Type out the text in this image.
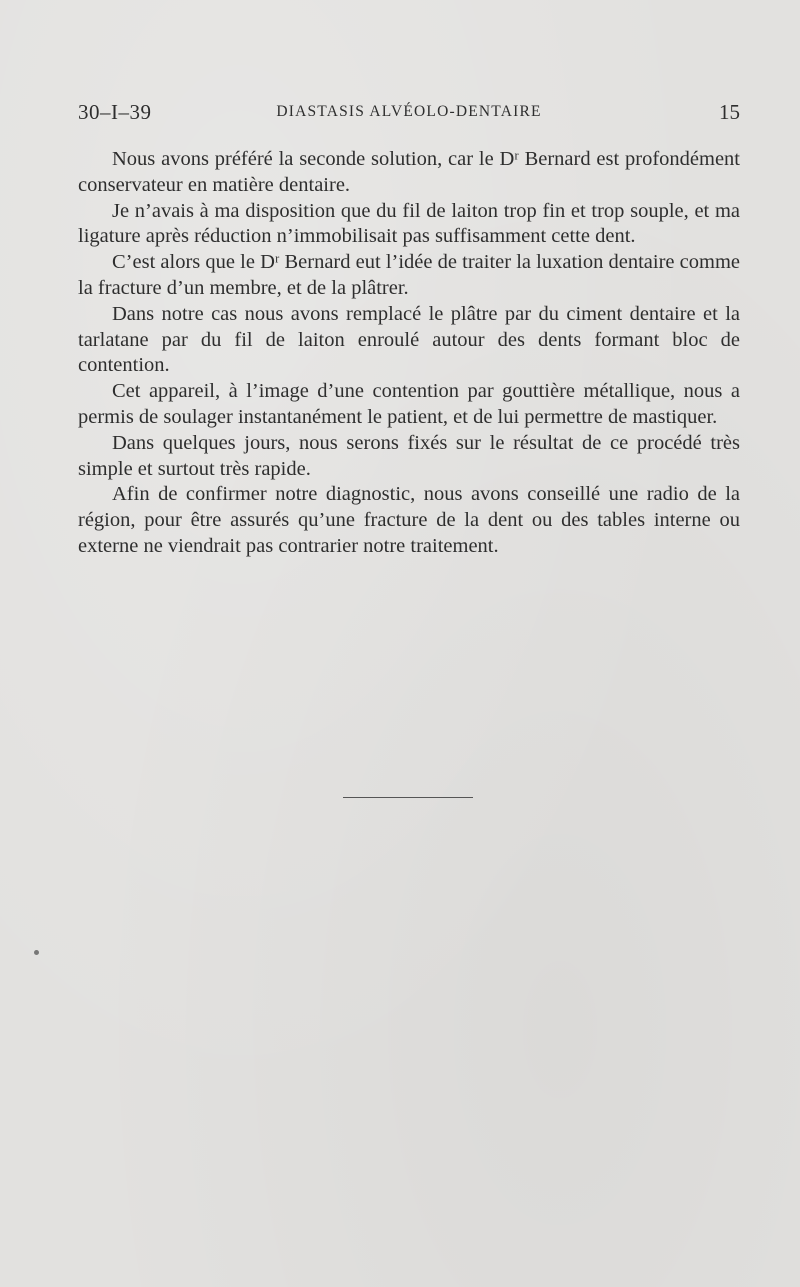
30–I–39	DIASTASIS ALVÉOLO-DENTAIRE	15

Nous avons préféré la seconde solution, car le Dʳ Bernard est profondément conservateur en matière dentaire.

Je n’avais à ma disposition que du fil de laiton trop fin et trop souple, et ma ligature après réduction n’immobilisait pas suffisamment cette dent.

C’est alors que le Dʳ Bernard eut l’idée de traiter la luxation dentaire comme la fracture d’un membre, et de la plâtrer.

Dans notre cas nous avons remplacé le plâtre par du ciment dentaire et la tarlatane par du fil de laiton enroulé autour des dents formant bloc de contention.

Cet appareil, à l’image d’une contention par gouttière métallique, nous a permis de soulager instantanément le patient, et de lui permettre de mastiquer.

Dans quelques jours, nous serons fixés sur le résultat de ce procédé très simple et surtout très rapide.

Afin de confirmer notre diagnostic, nous avons conseillé une radio de la région, pour être assurés qu’une fracture de la dent ou des tables interne ou externe ne viendrait pas contrarier notre traitement.
